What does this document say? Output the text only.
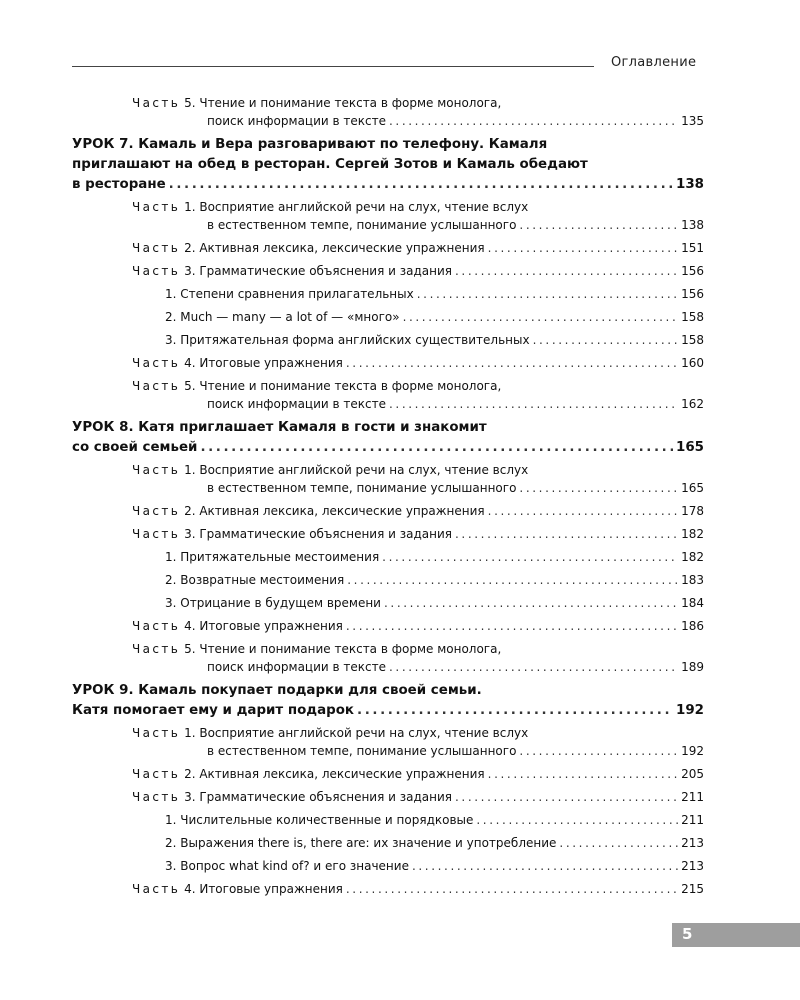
Оглавление
Часть 5. Чтение и понимание текста в форме монолога,
поиск информации в тексте .....	135
УРОК 7. Камаль и Вера разговаривают по телефону. Камаля
приглашают на обед в ресторан. Сергей Зотов и Камаль обедают
в ресторане .....	138
Часть 1. Восприятие английской речи на слух, чтение вслух
в естественном темпе, понимание услышанного .....	138
Часть 2. Активная лексика, лексические упражнения .....	151
Часть 3. Грамматические объяснения и задания .....	156
1. Степени сравнения прилагательных .....	156
2. Much — many — a lot of — «много» .....	158
3. Притяжательная форма английских существительных .....	158
Часть 4. Итоговые упражнения .....	160
Часть 5. Чтение и понимание текста в форме монолога,
поиск информации в тексте .....	162
УРОК 8. Катя приглашает Камаля в гости и знакомит
со своей семьей .....	165
Часть 1. Восприятие английской речи на слух, чтение вслух
в естественном темпе, понимание услышанного .....	165
Часть 2. Активная лексика, лексические упражнения .....	178
Часть 3. Грамматические объяснения и задания .....	182
1. Притяжательные местоимения .....	182
2. Возвратные местоимения .....	183
3. Отрицание в будущем времени .....	184
Часть 4. Итоговые упражнения .....	186
Часть 5. Чтение и понимание текста в форме монолога,
поиск информации в тексте .....	189
УРОК 9. Камаль покупает подарки для своей семьи.
Катя помогает ему и дарит подарок .....	192
Часть 1. Восприятие английской речи на слух, чтение вслух
в естественном темпе, понимание услышанного .....	192
Часть 2. Активная лексика, лексические упражнения .....	205
Часть 3. Грамматические объяснения и задания .....	211
1. Числительные количественные и порядковые .....	211
2. Выражения there is, there are: их значение и употребление .....	213
3. Вопрос what kind of? и его значение .....	213
Часть 4. Итоговые упражнения .....	215
5
